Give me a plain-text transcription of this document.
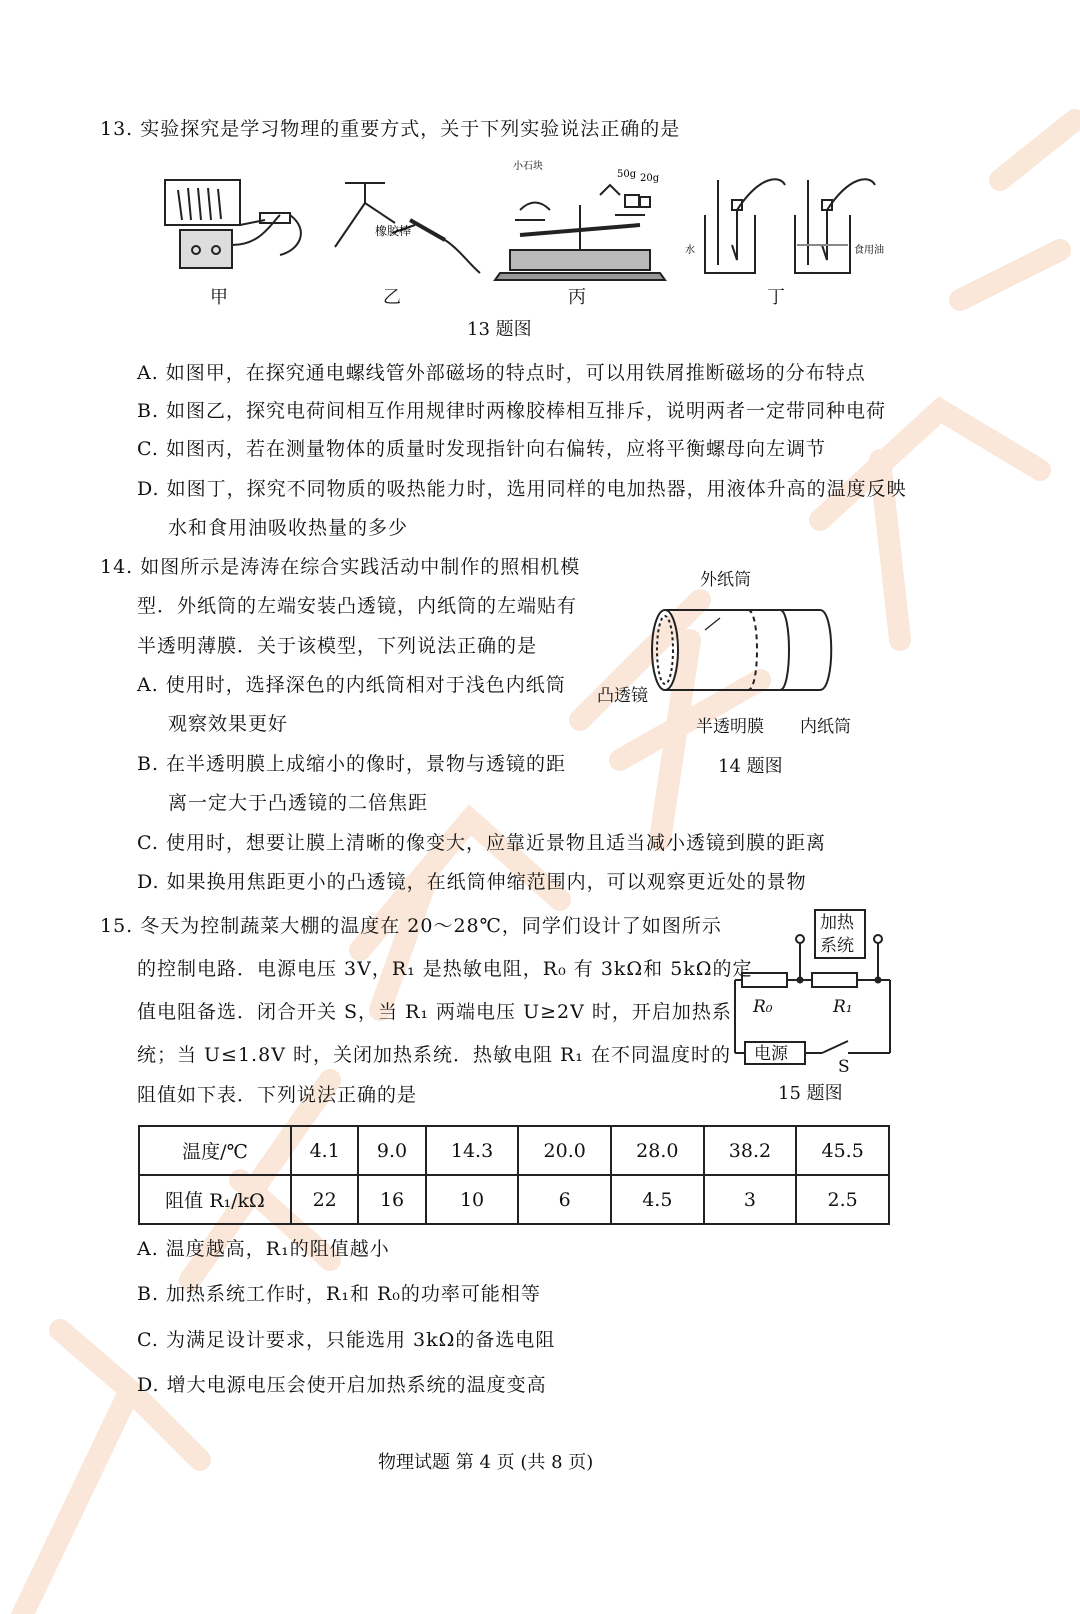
13. 实验探究是学习物理的重要方式，关于下列实验说法正确的是
橡胶棒
小石块
50g 20g
水	食用油
甲	乙	丙	丁
13 题图
A. 如图甲，在探究通电螺线管外部磁场的特点时，可以用铁屑推断磁场的分布特点
B. 如图乙，探究电荷间相互作用规律时两橡胶棒相互排斥，说明两者一定带同种电荷
C. 如图丙，若在测量物体的质量时发现指针向右偏转，应将平衡螺母向左调节
D. 如图丁，探究不同物质的吸热能力时，选用同样的电加热器，用液体升高的温度反映
水和食用油吸收热量的多少
14. 如图所示是涛涛在综合实践活动中制作的照相机模
型．外纸筒的左端安装凸透镜，内纸筒的左端贴有
半透明薄膜．关于该模型，下列说法正确的是
A. 使用时，选择深色的内纸筒相对于浅色内纸筒
观察效果更好
B. 在半透明膜上成缩小的像时，景物与透镜的距
离一定大于凸透镜的二倍焦距
C. 使用时，想要让膜上清晰的像变大，应靠近景物且适当减小透镜到膜的距离
D. 如果换用焦距更小的凸透镜，在纸筒伸缩范围内，可以观察更近处的景物
外纸筒
凸透镜
半透明膜 内纸筒
14 题图
15. 冬天为控制蔬菜大棚的温度在 20～28℃，同学们设计了如图所示
的控制电路．电源电压 3V，R₁ 是热敏电阻，R₀ 有 3kΩ和 5kΩ的定
值电阻备选．闭合开关 S，当 R₁ 两端电压 U≥2V 时，开启加热系
统；当 U≤1.8V 时，关闭加热系统．热敏电阻 R₁ 在不同温度时的
阻值如下表．下列说法正确的是
加热
系统
R₀	R₁
电源
S
15 题图
温度/℃	4.1	9.0	14.3	20.0	28.0	38.2	45.5
阻值 R₁/kΩ	22	16	10	6	4.5	3	2.5
A. 温度越高，R₁的阻值越小
B. 加热系统工作时，R₁和 R₀的功率可能相等
C. 为满足设计要求，只能选用 3kΩ的备选电阻
D. 增大电源电压会使开启加热系统的温度变高
物理试题 第 4 页 (共 8 页)
